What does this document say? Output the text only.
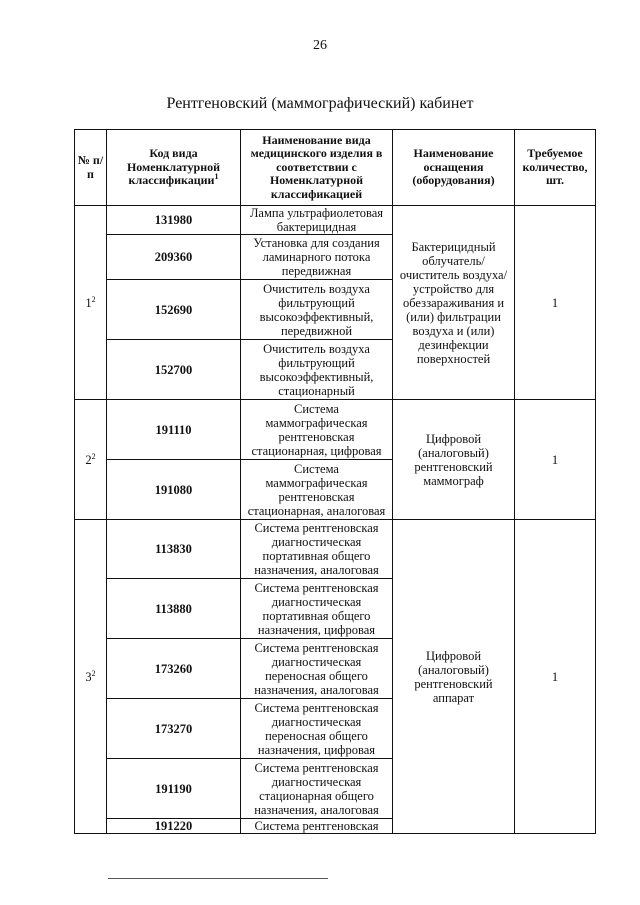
26
Рентгеновский (маммографический) кабинет
№ п/п	Код вида Номенклатурной классификации$^1$	Наименование вида медицинского изделия в соответствии с Номенклатурной классификацией	Наименование оснащения (оборудования)	Требуемое количество, шт.
$1^2$	131980	Лампа ультрафиолетовая бактерицидная	Бактерицидный облучатель/ очиститель воздуха/ устройство для обеззараживания и (или) фильтрации воздуха и (или) дезинфекции поверхностей	1
	209360	Установка для создания ламинарного потока передвижная		
	152690	Очиститель воздуха фильтрующий высокоэффективный, передвижной		
	152700	Очиститель воздуха фильтрующий высокоэффективный, стационарный		
$2^2$	191110	Система маммографическая рентгеновская стационарная, цифровая	Цифровой (аналоговый) рентгеновский маммограф	1
	191080	Система маммографическая рентгеновская стационарная, аналоговая		
$3^2$	113830	Система рентгеновская диагностическая портативная общего назначения, аналоговая	Цифровой (аналоговый) рентгеновский аппарат	1
	113880	Система рентгеновская диагностическая портативная общего назначения, цифровая		
	173260	Система рентгеновская диагностическая переносная общего назначения, аналоговая		
	173270	Система рентгеновская диагностическая переносная общего назначения, цифровая		
	191190	Система рентгеновская диагностическая стационарная общего назначения, аналоговая		
	191220	Система рентгеновская		
